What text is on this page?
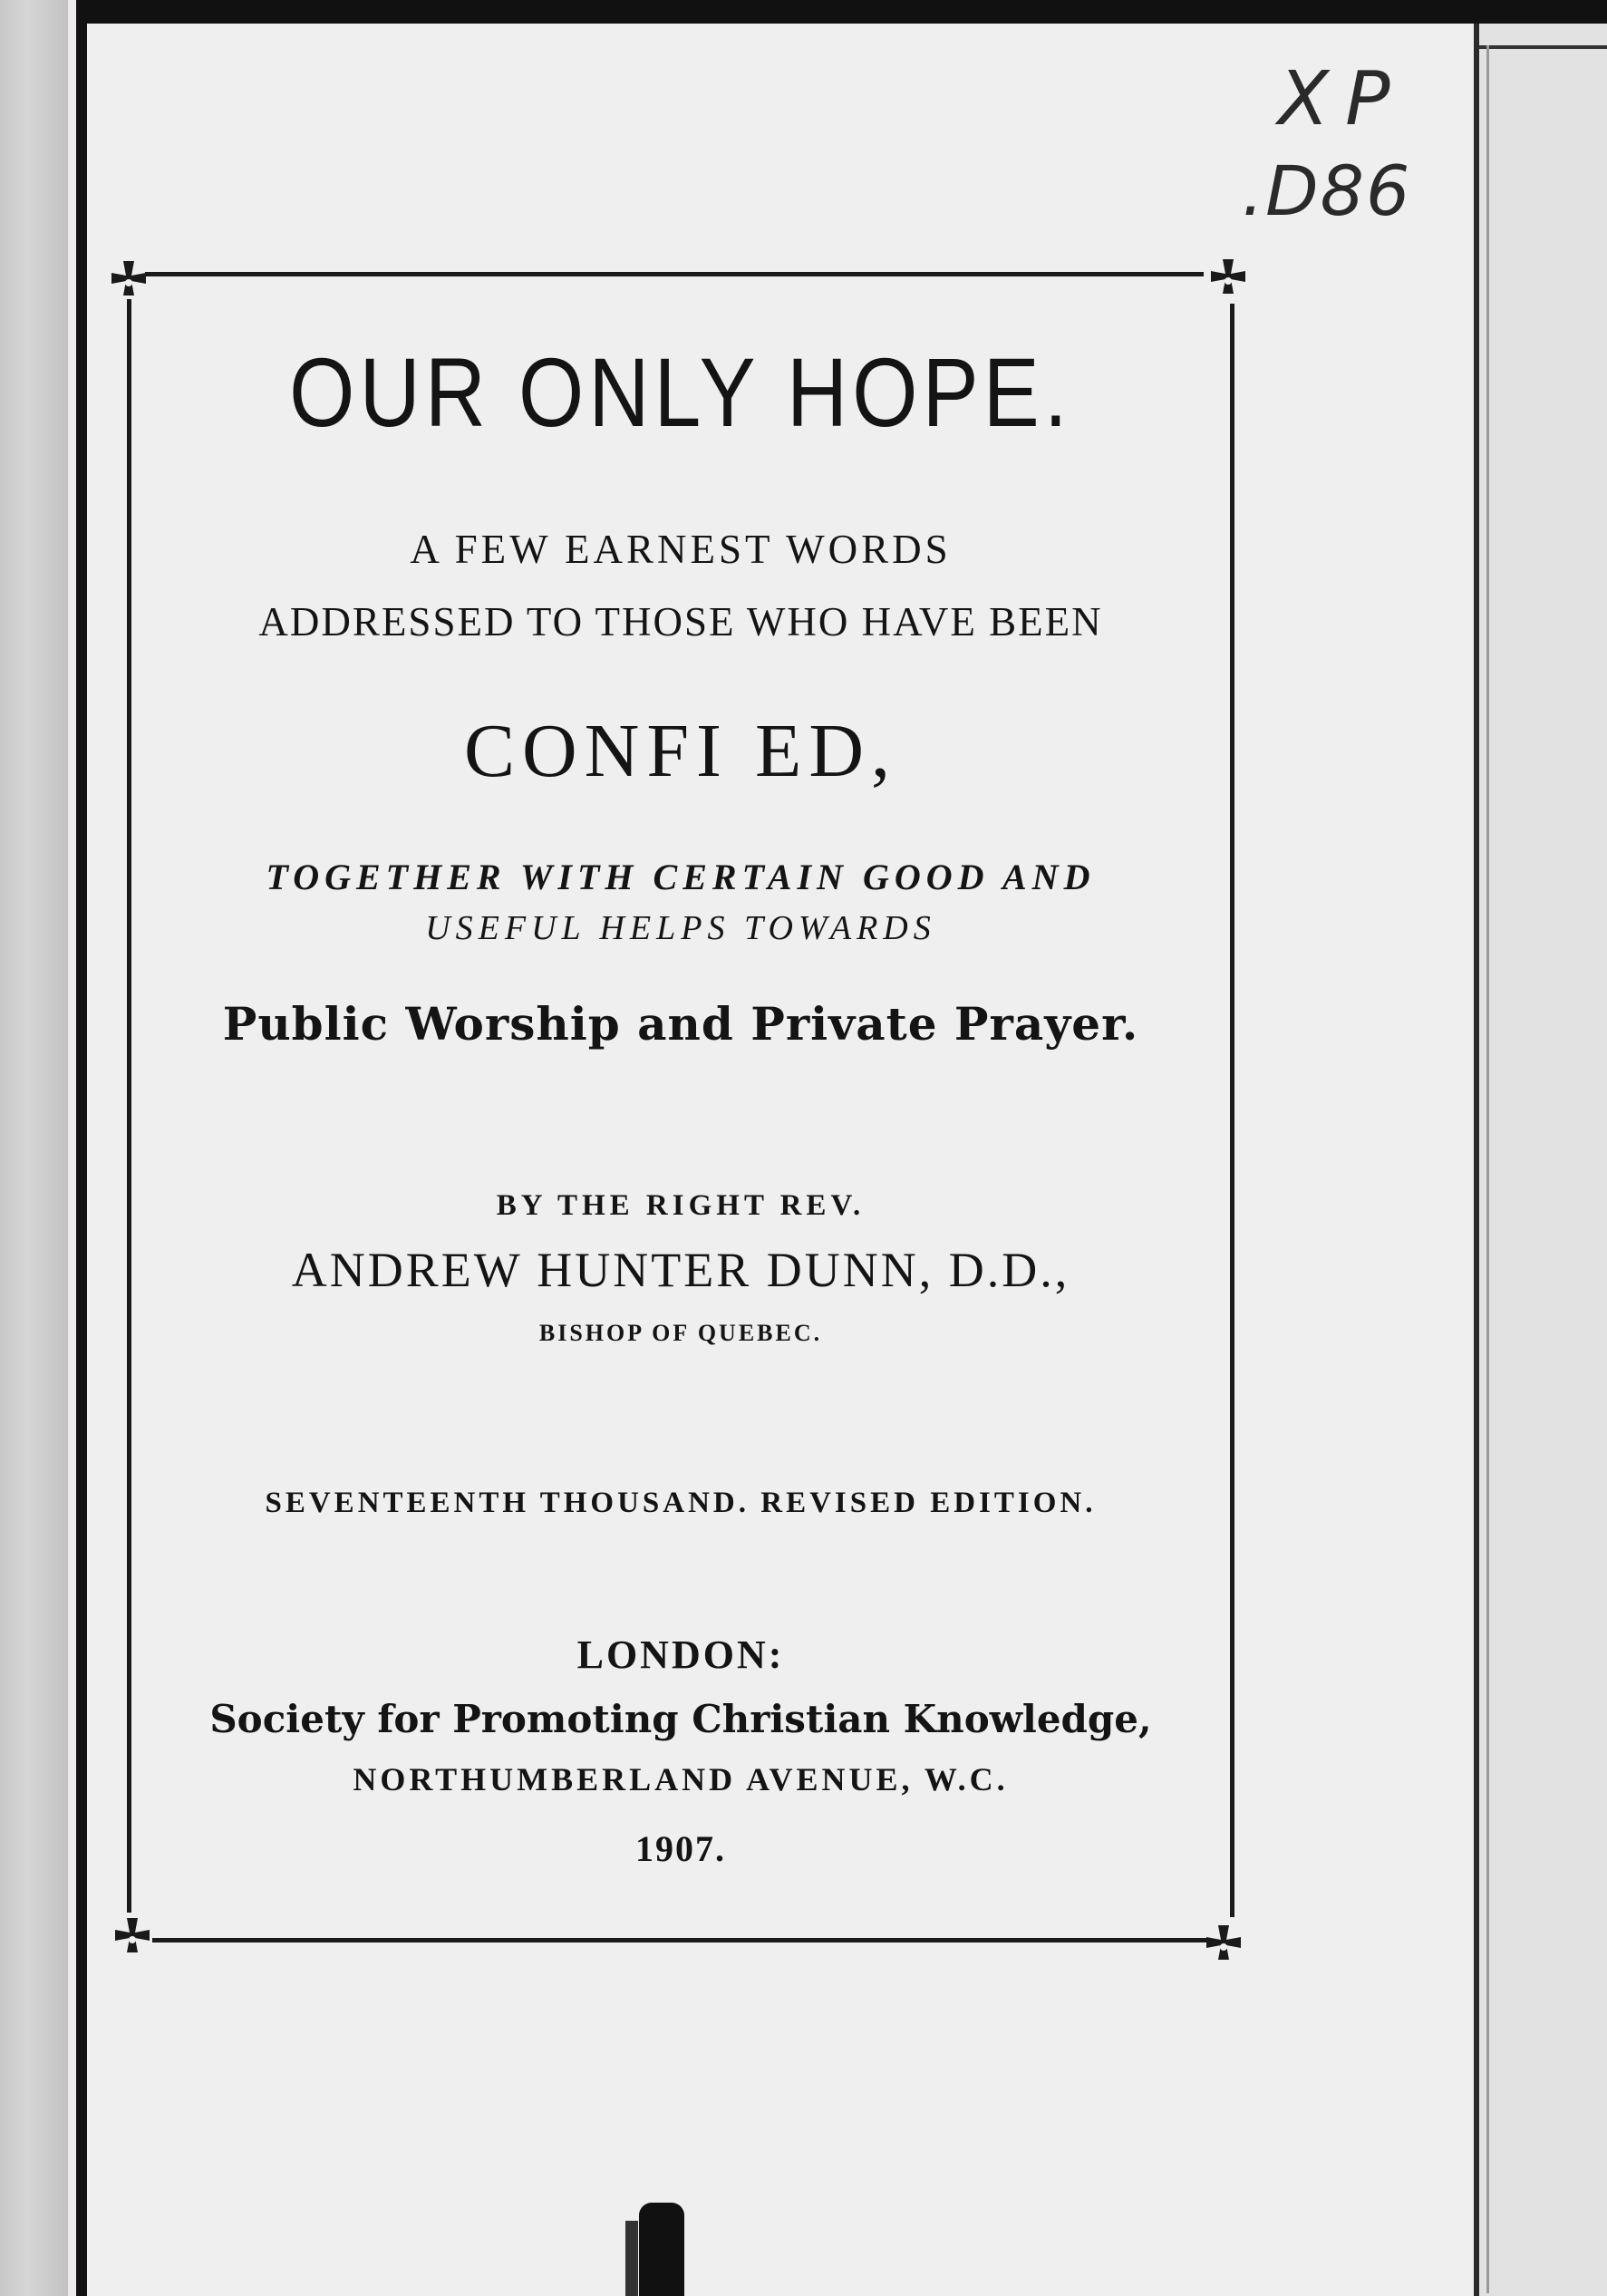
XP
.D86
OUR ONLY HOPE.
A FEW EARNEST WORDS
ADDRESSED TO THOSE WHO HAVE BEEN
CONFI ED,
TOGETHER WITH CERTAIN GOOD AND
USEFUL HELPS TOWARDS
Public Worship and Private Prayer.
BY THE RIGHT REV.
ANDREW HUNTER DUNN, D.D.,
BISHOP OF QUEBEC.
SEVENTEENTH THOUSAND. REVISED EDITION.
LONDON:
Society for Promoting Christian Knowledge,
NORTHUMBERLAND AVENUE, W.C.
1907.
